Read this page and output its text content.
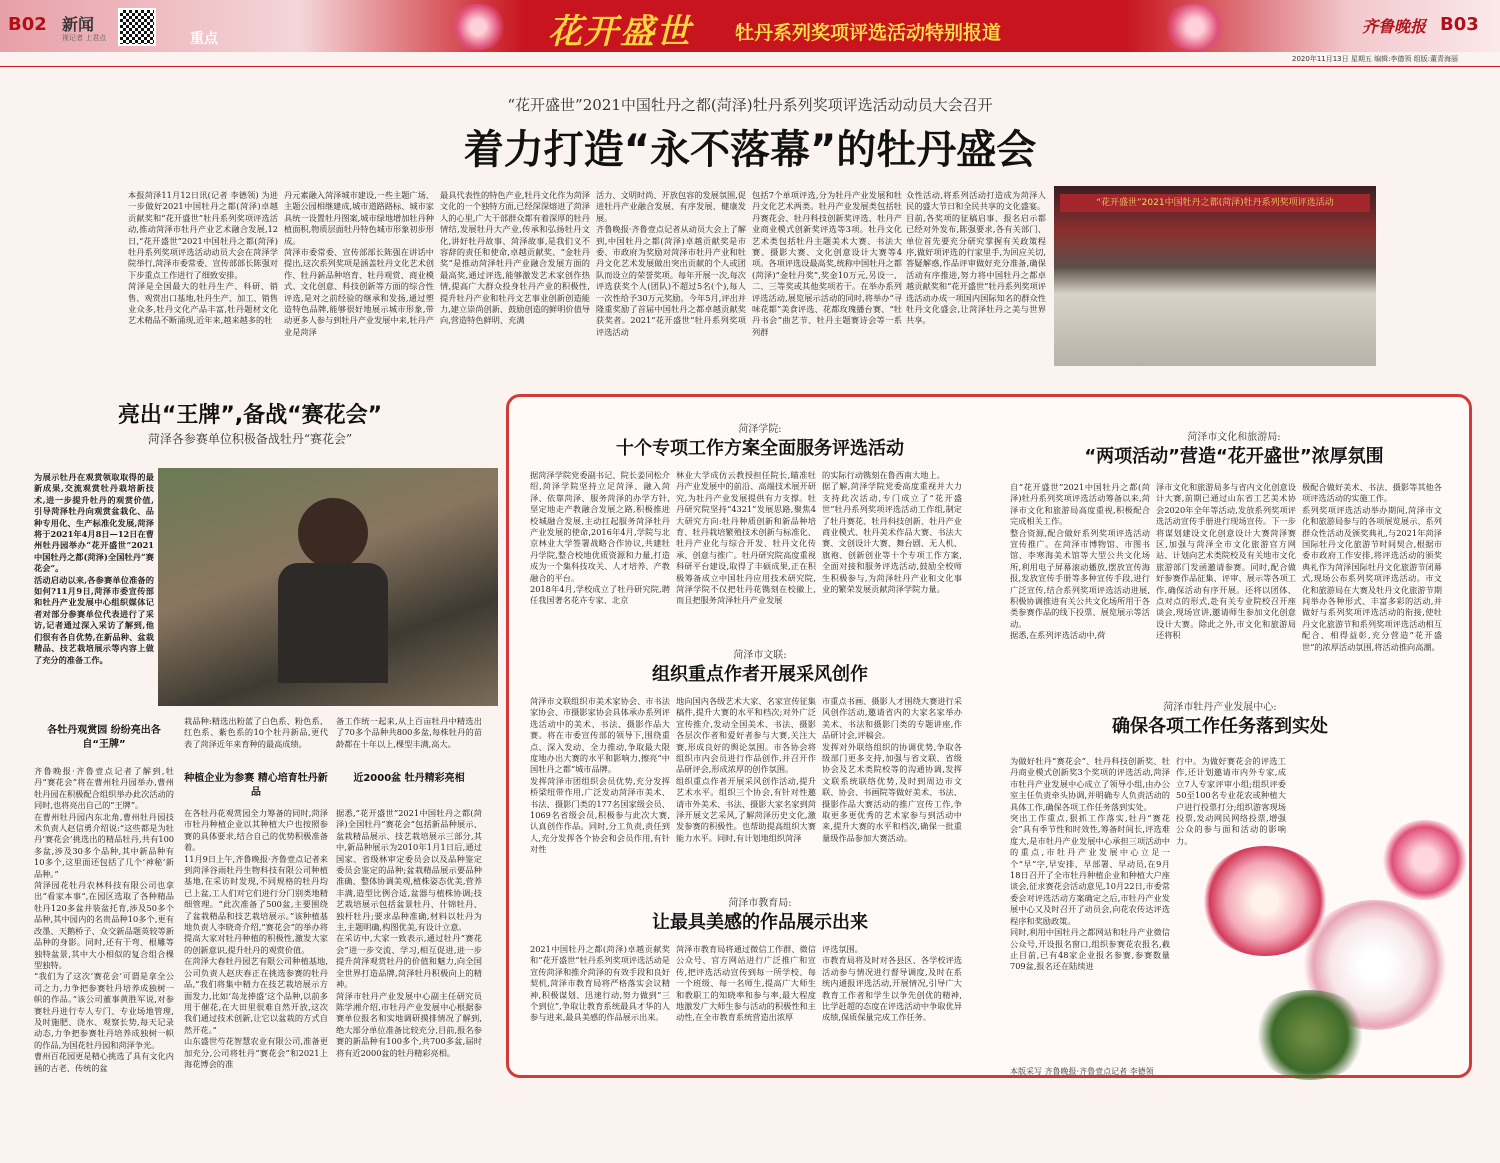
B02 新闻
视记者 上君点	重点	花开盛世 牡丹系列奖项评选活动特别报道	齐鲁晚报 B03
2020年11月13日 星期五 编辑:李德领 组版:董青海丽
“花开盛世”2021中国牡丹之都(菏泽)牡丹系列奖项评选活动动员大会召开
着力打造“永不落幕”的牡丹盛会
本报菏泽11月12日讯(记者 李德领) 为进一步做好2021中国牡丹之都(菏泽)卓越贡献奖和“花开盛世”牡丹系列奖项评选活动,推动菏泽市牡丹产业艺术融合发展,12日,“花开盛世”2021中国牡丹之都(菏泽)牡丹系列奖项评选活动动员大会在菏泽学院举行,菏泽市委常委、宣传部部长陈强对下步重点工作进行了细致安排。
菏泽是全国最大的牡丹生产、科研、销售、观赏出口基地,牡丹生产、加工、销售业众多,牡丹文化产品丰富,牡丹题材文化艺术精品不断涌现,近年来,越来越多的牡
丹元素融入菏泽城市建设,一些主题广场、主题公园相继建成,城市道路路标、城市家具统一设置牡丹图案,城市绿地增加牡丹种植面积,物质层面牡丹特色城市形象初步形成。
菏泽市委常委、宣传部部长陈强在讲话中提出,这次系列奖项是涵盖牡丹文化艺术创作、牡丹新品种培育、牡丹观赏、商业模式、文化创意、科技创新等方面的综合性评选,是对之前经验的继承和发扬,通过塑造特色品牌,能够很好地展示城市形象,带动更多人参与到牡丹产业发展中来,牡丹产业是菏泽
最具代表性的特色产业,牡丹文化作为菏泽文化的一个独特方面,已经深深熔进了菏泽人的心里,广大干部群众都有着深厚的牡丹情结,发展牡丹大产业,传承和弘扬牡丹文化,讲好牡丹故事、菏泽故事,是我们义不容辞的责任和使命,卓越贡献奖、“金牡丹奖”是推动菏泽牡丹产业融合发展方面的最高奖,通过评选,能够激发艺术家创作热情,提高广大群众投身牡丹产业的积极性,提升牡丹产业和牡丹文艺事业创新创造能力,建立崇尚创新、鼓励创造的鲜明价值导向,营造特色鲜明、充满
活力、文明时尚、开放包容的发展氛围,促进牡丹产业融合发展、有序发展、健康发展。
齐鲁晚报·齐鲁壹点记者从动员大会上了解到,中国牡丹之都(菏泽)卓越贡献奖是市委、市政府为奖励对菏泽市牡丹产业和牡丹文化艺术发展做出突出贡献的个人或团队而设立的荣誉奖项。每年开展一次,每次评选获奖个人(团队)不超过5名(个),每人一次性给予30万元奖励。今年5月,评出并隆重奖励了首届中国牡丹之都卓越贡献奖获奖者。2021“花开盛世”牡丹系列奖项评选活动
包括7个单项评选,分为牡丹产业发展和牡丹文化艺术两类。牡丹产业发展类包括牡丹赛花会、牡丹科技创新奖评选、牡丹产业商业模式创新奖评选等3项。牡丹文化艺术类包括牡丹主题美术大赛、书法大赛、摄影大赛、文化创意设计大赛等4项。各项评选设最高奖,统称中国牡丹之都(菏泽)“金牡丹奖”,奖金10万元,另设一、二、三等奖或其他奖项若干。在举办系列评选活动,展览展示活动的同时,将举办“寻味花都”美食评选、花都玫瑰播台赛、“牡丹书会”曲艺节、牡丹主题赛诗会等一系列群
众性活动,将系列活动打造成为菏泽人民的盛大节日和全民共享的文化盛宴。
目前,各奖项的征稿启事、报名启示都已经对外发布,陈强要求,各有关部门、单位首先要充分研究掌握有关政策程序,做好项评选的行家里手,为回应关切,答疑解惑,作品评审做好充分准备,确保活动有序推进,努力将中国牡丹之都卓越贡献奖和“花开盛世”牡丹系列奖项评选活动办成一项国内国际知名的群众性牡丹文化盛会,让菏泽牡丹之美与世界共享。
“花开盛世”2021中国牡丹之都(菏泽)牡丹系列奖项评选活动
亮出“王牌”,备战“赛花会”
菏泽各参赛单位积极备战牡丹“赛花会”
为展示牡丹在观赏领取取得的最新成果,交流观赏牡丹栽培新技术,进一步提升牡丹的观赏价值,引导菏泽牡丹向观赏盆栽化、品种专用化、生产标准化发展,菏泽将于2021年4月8日—12日在曹州牡丹园举办“花开盛世”2021中国牡丹之都(菏泽)全国牡丹“赛花会”。
活动启动以来,各参赛单位准备的如何?11月9日,菏泽市委宣传部和牡丹产业发展中心组织媒体记者对部分参赛单位代表进行了采访,记者通过深入采访了解到,他们很有各自优势,在新品种、盆栽精品、技艺栽培展示等内容上做了充分的准备工作。
各牡丹观赏园 纷纷亮出各自“王牌”
齐鲁晚报·齐鲁壹点记者了解到,牡丹“赛花会”将在曹州牡丹园举办,曹州牡丹园在积极配合组织举办此次活动的同时,也将亮出自己的“王牌”。
在曹州牡丹园内东北角,曹州牡丹园技术负责人赵信勇介绍说:“这些都是为牡丹‘赛花会’挑选出的精品牡丹,共有100多盆,涉及30多个品种,其中新品种有10多个,这里面还包括了几个‘神秘’新品种。”
菏泽园花牡丹农林科技有限公司也拿出“看家本事”,在园区选取了各种精品牡丹120多盆并装盆托育,涉及50多个品种,其中园内的名贵品种10多个,更有改墨、天鹅桥子、众交新品题英较等新品种的身影。同时,还有干弯、根雕等独特盆景,其中大小相似的复合组合棵型独特。
“我们为了这次‘赛花会’可谓是拿全公司之力,力争把参赛牡丹培养成独树一帜的作品。”该公司董事黄胜军说,对参赛牡丹进行专人专门、专业场地管理,及时施肥、浇水、观察长势,每天记录动态,力争把参赛牡丹培养成独树一帜的作品,为国花牡丹园和菏泽争光。
曹州百花园更是精心挑选了具有文化内涵的古老、传统的盆
栽品种:精选出粉蓝了白色系、粉色系、红色系、紫色系的10个牡丹新品,更代表了菏泽近年来育种的最高成绩。
种植企业为参赛 精心培育牡丹新品
在各牡丹花观赏园全力筹备的同时,菏泽市牡丹种植企业以其种植大户也按照参赛的具体要求,结合自己的优势积极准备着。
11月9日上午,齐鲁晚报·齐鲁壹点记者来到菏泽谷雨牡丹生物科技有限公司种植基地,在采访时发现,不同规格的牡丹均已上盆,工人们对它们进行分门别类地精细管理。“此次准备了500盆,主要围绕了盆栽精品和技艺栽培展示。”该种植基地负责人李晓奇介绍,“赛花会”的举办将提高大家对牡丹种植的积极性,激发大家的创新意识,提升牡丹的观赏价值。
在菏泽大春牡丹园艺有限公司种植基地,公司负责人赵庆春正在挑选参赛的牡丹品,“我们将集中精力在技艺栽培展示方面发力,比如‘岛龙捧盛’这个品种,以前多用于催花,在大田里很难自然开放,这次我们通过技术创新,让它以盆栽的方式自然开花。”
山东盛世芍花智慧农业有限公司,准备更加充分,公司将牡丹“赛花会”和2021上海花博会的准
备工作统一起来,从上百亩牡丹中精选出了70多个品种共800多盆,每株牡丹的苗龄都在十年以上,棵型丰满,高大。
近2000盆 牡丹精彩亮相
据悉,“花开盛世”2021中国牡丹之都(菏泽)全国牡丹“赛花会”包括新品种展示、盆栽精品展示、技艺栽培展示三部分,其中,新品种展示为2010年1月1日后,通过国家、省级林审定委员会以及品种鉴定委员会鉴定的品种;盆栽精品展示要品种准确、整体协调美观,植株姿态优美,营养丰满,造型比例合适,盆器与植株协调;技艺栽培展示包括盆景牡丹、什锦牡丹、独杆牡丹;要求品种准确,材料以牡丹为主,主题明确,构图优美,有设计立意。
在采访中,大家一致表示,通过牡丹“赛花会”进一步交流、学习,相互促进,进一步提升菏泽观赏牡丹的价值和魅力,向全国全世界打造品牌,菏泽牡丹积极向上的精神。
菏泽市牡丹产业发展中心副主任研究员陈学湘介绍,市牡丹产业发展中心根据参赛单位报名和实地调研摸排情况了解到,绝大部分单位准备比较充分,目前,报名参赛的新品种有100多个,共700多盆,届时将有近2000盆的牡丹精彩亮相。
菏泽学院:
十个专项工作方案全面服务评选活动
据菏泽学院党委副书记、院长姜同松介绍,菏泽学院坚持立足菏泽、融入菏泽、依靠菏泽、服务菏泽的办学方针,坚定地走产教融合发展之路,积极推进校城融合发展,主动扛起服务菏泽牡丹产业发展的使命,2016年4月,学院与北京林业大学签署战略合作协议,共建牡丹学院,整合校地优质资源和力量,打造成为一个集科技攻关、人才培养、产教融合的平台。
2018年4月,学校成立了牡丹研究院,聘任我国著名花卉专家、北京
林业大学成仿云教授担任院长,瞄准牡丹产业发展中的前沿、高端技术展开研究,为牡丹产业发展提供有力支撑。牡丹研究院坚持“4321”发展思路,聚焦4大研究方向:牡丹种质创新和新品种培育、牡丹栽培繁殖技术创新与标准化、牡丹产业化与综合开发、牡丹文化传承、创意与推广。牡丹研究院高度重视科研平台建设,取得了丰硕成果,正在积极筹备成立中国牡丹应用技术研究院,菏泽学院不仅把牡丹花镌刻在校徽上,而且把服务菏泽牡丹产业发展
的实际行动镌刻在鲁西南大地上。
据了解,菏泽学院党委高度重视并大力支持此次活动,专门成立了“花开盛世”牡丹系列奖项评选活动工作组,制定了牡丹赛花、牡丹科技创新、牡丹产业商业模式、牡丹美术作品大赛、书法大赛、文创设计大赛、舞台剧、无人机、旗袍、创新创业等十个专项工作方案,全面对接和服务评选活动,鼓励全校师生积极参与,为菏泽牡丹产业和文化事业的繁荣发展贡献菏泽学院力量。
菏泽市文化和旅游局:
“两项活动”营造“花开盛世”浓厚氛围
自“花开盛世”2021中国牡丹之都(菏泽)牡丹系列奖项评选活动筹备以来,菏泽市文化和旅游局高度重视,积极配合完成相关工作。
整合资源,配合做好系列奖项评选活动宣传推广。在菏泽市博物馆、市图书馆、李寒海美术馆等大型公共文化场所,利用电子屏幕滚动播放,摆放宣传海报,发放宣传手册等多种宣传手段,进行广泛宣传,结合系列奖项评选活动进展,积极协调推进有关公共文化场所用于各类参赛作品的线下投票、展览展示等活动。
据悉,在系列评选活动中,荷
泽市文化和旅游局多与省内文化创意设计大赛,前期已通过山东省工艺美术协会2020年全年等活动,发放系列奖项评选活动宣传手册进行现场宣传。下一步将谋划建设文化创意设计大赛菏泽赛区,加强与菏泽全市文化旅游官方网站、计划向艺术类院校及有关地市文化旅游部门发函邀请参赛。同时,配合做好参赛作品征集、评审、展示等各项工作,确保活动有序开展。还将以团体、点对点的形式,赴有关专业院校召开座谈会,现场宣讲,邀请师生参加文化创意设计大赛。除此之外,市文化和旅游局还将积
极配合做好美术、书法、摄影等其他各项评选活动的实施工作。
系列奖项评选活动举办期间,菏泽市文化和旅游局参与的各项展览展示、系列群众性活动及颁奖典礼,与2021年菏泽国际牡丹文化旅游节时间契合,根据市委市政府工作安排,将评选活动的颁奖典礼作为菏泽国际牡丹文化旅游节闭幕式,现场公布系列奖项评选活动。市文化和旅游局在大赛及牡丹文化旅游节期间举办各种形式、丰富多彩的活动,并做好与系列奖项评选活动的衔接,使牡丹文化旅游节和系列奖项评选活动相互配合、相得益彰,充分营造“花开盛世”的浓厚活动氛围,将活动推向高潮。
菏泽市文联:
组织重点作者开展采风创作
菏泽市文联组织市美术家协会、市书法家协会、市摄影家协会具体承办系列评选活动中的美术、书法、摄影作品大赛。将在市委宣传部的领导下,围绕重点、深入发动、全力推动,争取最大限度地办出大赛的水平和影响力,擦亮“中国牡丹之都”城市品牌。
发挥菏泽市团组织会员优势,充分发挥桥梁纽带作用,广泛发动菏泽市美术、书法、摄影门类的177名国家级会员、1069名省级会员,积极参与此次大赛,认真创作作品。同时,分工负责,责任到人,充分发挥各个协会和会员作用,有针对性
地向国内各级艺术大家、名家宣传征集稿件,提升大赛的水平和档次;对外广泛宣传推介,发动全国美术、书法、摄影各层次作者和爱好者参与大赛,关注大赛,形成良好的舆论氛围。市各协会将组织市内会员进行作品创作,并召开作品研评会,形成浓厚的创作氛围。
组织重点作者开展采风创作活动,提升艺术水平。组织三个协会,有针对性邀请市外美术、书法、摄影大家名家到菏泽开展文艺采风,了解菏泽历史文化,激发参赛的积极性。也帮助提高组织大赛能力水平。同时,有计划地组织菏泽
市重点书画、摄影人才围绕大赛进行采风创作活动,邀请省内的大家名家举办美术、书法和摄影门类的专题讲座,作品研讨会,评稿会。
发挥对外联络组织的协调优势,争取各级部门更多支持,加强与省文联、省级协会及艺术类院校等的沟通协调,发挥文联系统联络优势,及时到周边市文联、协会、书画院等做好美术、书法、摄影作品大赛活动的推广宣传工作,争取更多更优秀的艺术家参与到活动中来,提升大赛的水平和档次,确保一批重量级作品参加大赛活动。
菏泽市牡丹产业发展中心:
确保各项工作任务落到实处
为做好牡丹“赛花会”、牡丹科技创新奖、牡丹商业模式创新奖3个奖项的评选活动,菏泽市牡丹产业发展中心成立了领导小组,由办公室主任负责牵头协调,并明确专人负责活动的具体工作,确保各项工作任务落到实处。
突出工作重点,狠抓工作落实,牡丹“赛花会”具有季节性和时效性,筹备时间长,评选难度大,是市牡丹产业发展中心承担三项活动中的重点,市牡丹产业发展中心立足一个“早”字,早安排、早部署、早动员,在9月18日召开了全市牡丹种植企业和种植大户座谈会,征求赛花会活动意见,10月22日,市委常委会对评选活动方案确定之后,市牡丹产业发展中心又及时召开了动员会,向花农传达评选程序和奖励政策。
同时,利用中国牡丹之都网站和牡丹产业微信公众号,开设报名窗口,组织参赛花农报名,截止目前,已有48家企业报名参赛,参赛数量709盆,报名还在陆续进
行中。为做好赛花会的评选工作,还计划邀请市内外专家,成立7人专家评审小组;组织评委50至100名专业花农或种植大户进行投票打分;组织游客现场投票,发动网民网络投票,增强公众的参与面和活动的影响力。
菏泽市教育局:
让最具美感的作品展示出来
2021中国牡丹之都(菏泽)卓越贡献奖和“花开盛世”牡丹系列奖项评选活动是宣传菏泽和推介菏泽的有效手段和良好契机,菏泽市教育局将严格落实会议精神,积极谋划、迅速行动,努力做到“三个到位”,争取让教育系统最具才华的人参与进来,最具美感的作品展示出来。
菏泽市教育局将通过微信工作群、微信公众号、官方网站进行广泛推广和宣传,把评选活动宣传到每一所学校、每一个班级、每一名师生,提高广大师生和教职工的知晓率和参与率,最大程度地激发广大师生参与活动的积极性和主动性,在全市教育系统营造出浓厚
评选氛围。
市教育局将及时对各县区、各学校评选活动参与情况进行督导调度,及时在系统内通报评选活动,开展情况,引导广大教育工作者和学生以争先创优的精神,比学赶超的态度在评选活动中争取优异成绩,保质保量完成工作任务。
本版采写 齐鲁晚报·齐鲁壹点记者 李德领
